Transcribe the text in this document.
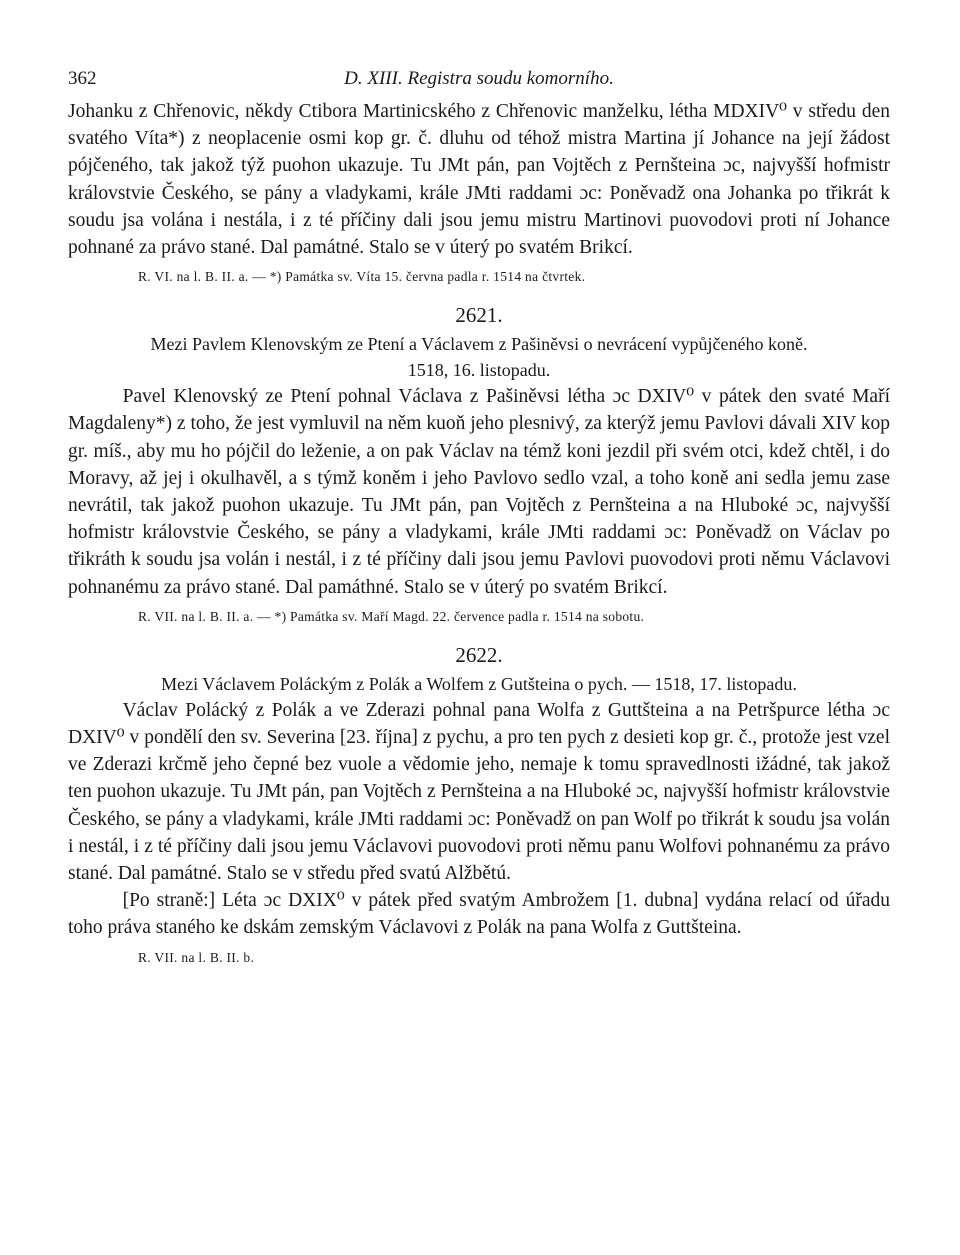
362	D. XIII. Registra soudu komorního.

Johanku z Chřenovic, někdy Ctibora Martinicského z Chřenovic manželku, létha MDXIV⁰ v středu den svatého Víta*) z neoplacenie osmi kop gr. č. dluhu od téhož mistra Martina jí Johance na její žádost pójčeného, tak jakož týž puohon ukazuje. Tu JMt pán, pan Vojtěch z Pernšteina ɔc, najvyšší hofmistr královstvie Českého, se pány a vladykami, krále JMti raddami ɔc: Poněvadž ona Johanka po třikrát k soudu jsa volána i nestála, i z té příčiny dali jsou jemu mistru Martinovi puovodovi proti ní Johance pohnané za právo stané. Dal památné. Stalo se v úterý po svatém Brikcí.

R. VI. na l. B. II. a. — *) Památka sv. Víta 15. června padla r. 1514 na čtvrtek.

2621.

Mezi Pavlem Klenovským ze Ptení a Václavem z Pašiněvsi o nevrácení vypůjčeného koně.

1518, 16. listopadu.

Pavel Klenovský ze Ptení pohnal Václava z Pašiněvsi létha ɔc DXIV⁰ v pátek den svaté Maří Magdaleny*) z toho, že jest vymluvil na něm kuoň jeho plesnivý, za kterýž jemu Pavlovi dávali XIV kop gr. míš., aby mu ho pójčil do leženie, a on pak Václav na témž koni jezdil při svém otci, kdež chtěl, i do Moravy, až jej i okulhavěl, a s týmž koněm i jeho Pavlovo sedlo vzal, a toho koně ani sedla jemu zase nevrátil, tak jakož puohon ukazuje. Tu JMt pán, pan Vojtěch z Pernšteina a na Hluboké ɔc, najvyšší hofmistr královstvie Českého, se pány a vladykami, krále JMti raddami ɔc: Poněvadž on Václav po třikráth k soudu jsa volán i nestál, i z té příčiny dali jsou jemu Pavlovi puovodovi proti němu Václavovi pohnanému za právo stané. Dal památhné. Stalo se v úterý po svatém Brikcí.

R. VII. na l. B. II. a. — *) Památka sv. Maří Magd. 22. července padla r. 1514 na sobotu.

2622.

Mezi Václavem Poláckým z Polák a Wolfem z Gutšteina o pych. — 1518, 17. listopadu.

Václav Polácký z Polák a ve Zderazi pohnal pana Wolfa z Guttšteina a na Petršpurce létha ɔc DXIV⁰ v pondělí den sv. Severina [23. října] z pychu, a pro ten pych z desieti kop gr. č., protože jest vzel ve Zderazi krčmě jeho čepné bez vuole a vědomie jeho, nemaje k tomu spravedlnosti ižádné, tak jakož ten puohon ukazuje. Tu JMt pán, pan Vojtěch z Pernšteina a na Hluboké ɔc, najvyšší hofmistr královstvie Českého, se pány a vladykami, krále JMti raddami ɔc: Poněvadž on pan Wolf po třikrát k soudu jsa volán i nestál, i z té příčiny dali jsou jemu Václavovi puovodovi proti němu panu Wolfovi pohnanému za právo stané. Dal památné. Stalo se v středu před svatú Alžbětú.

[Po straně:] Léta ɔc DXIX⁰ v pátek před svatým Ambrožem [1. dubna] vydána relací od úřadu toho práva staného ke dskám zemským Václavovi z Polák na pana Wolfa z Guttšteina.

R. VII. na l. B. II. b.
